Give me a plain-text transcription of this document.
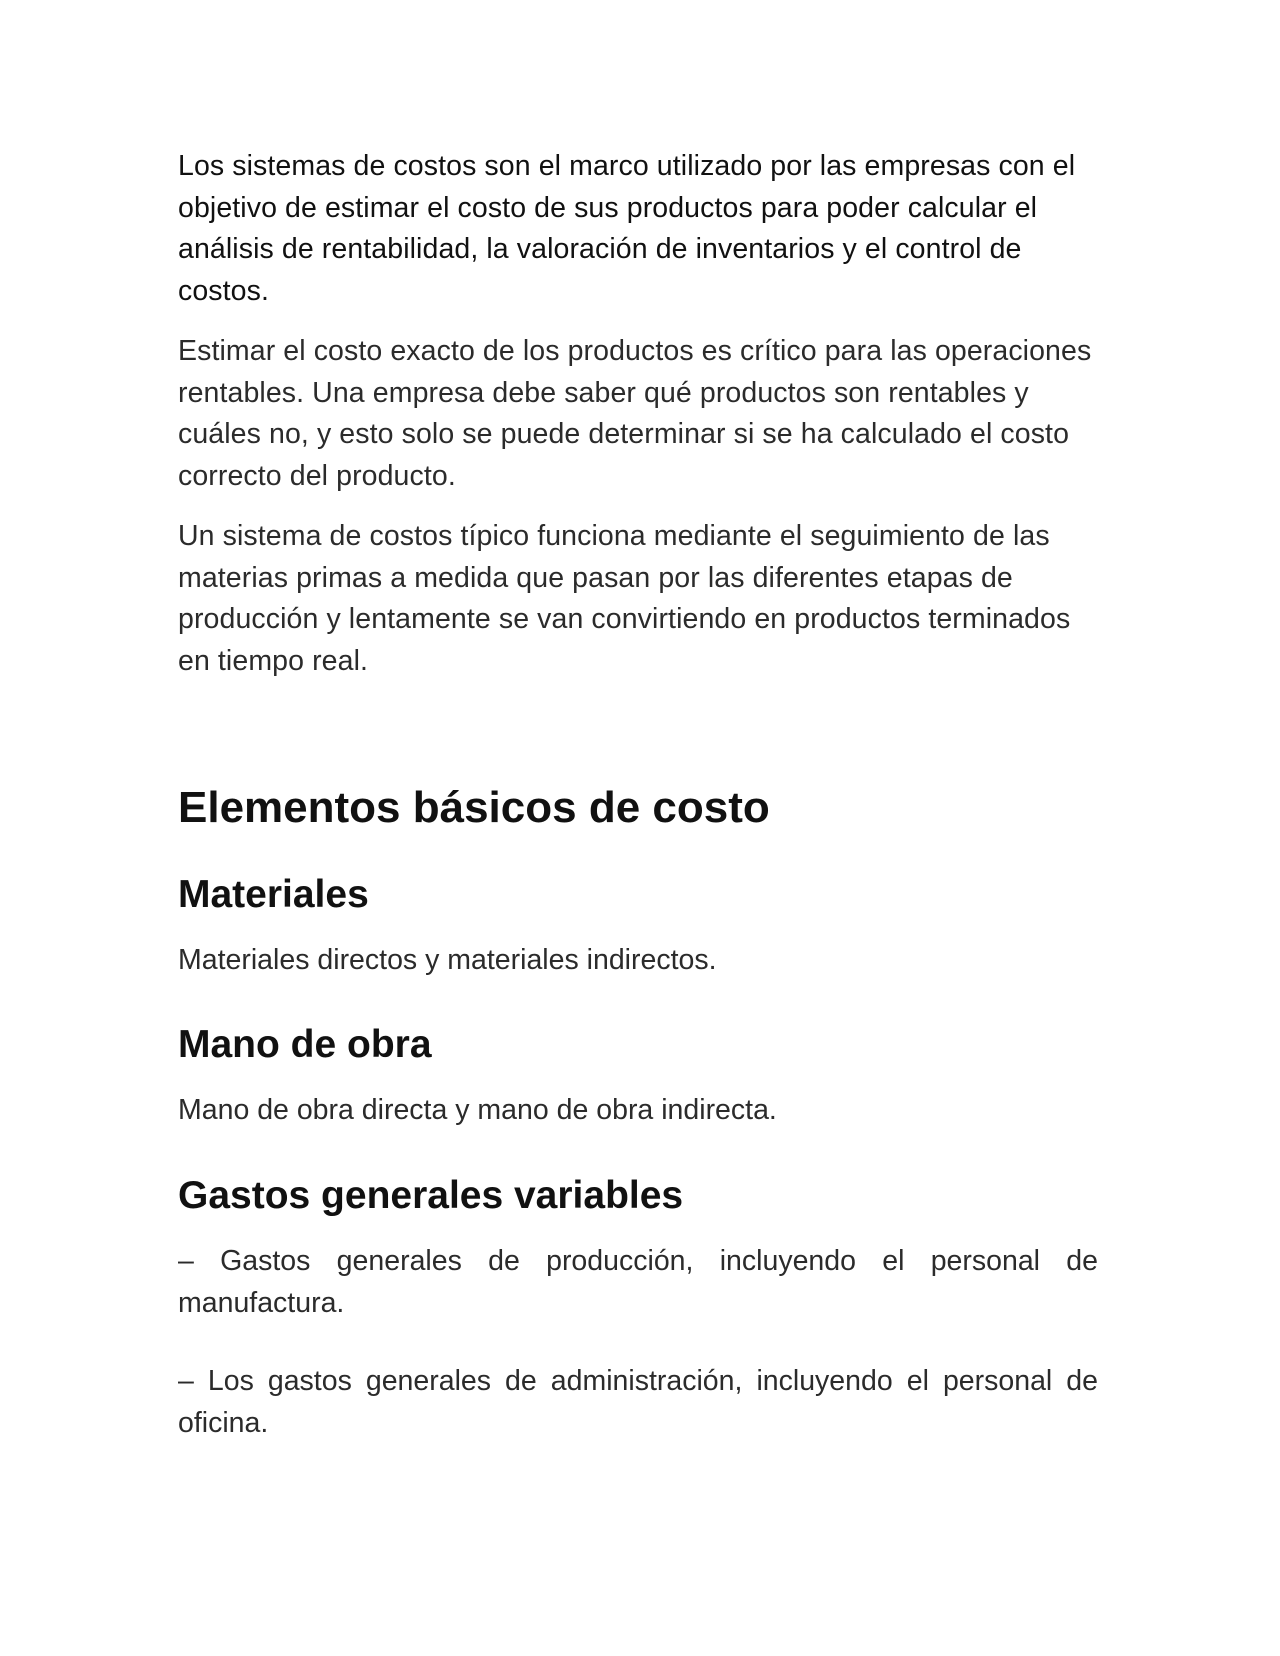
Los sistemas de costos son el marco utilizado por las empresas con el objetivo de estimar el costo de sus productos para poder calcular el análisis de rentabilidad, la valoración de inventarios y el control de costos.

Estimar el costo exacto de los productos es crítico para las operaciones rentables. Una empresa debe saber qué productos son rentables y cuáles no, y esto solo se puede determinar si se ha calculado el costo correcto del producto.

Un sistema de costos típico funciona mediante el seguimiento de las materias primas a medida que pasan por las diferentes etapas de producción y lentamente se van convirtiendo en productos terminados en tiempo real.

Elementos básicos de costo
Materiales

Materiales directos y materiales indirectos.

Mano de obra

Mano de obra directa y mano de obra indirecta.

Gastos generales variables

– Gastos generales de producción, incluyendo el personal de manufactura.

– Los gastos generales de administración, incluyendo el personal de oficina.
